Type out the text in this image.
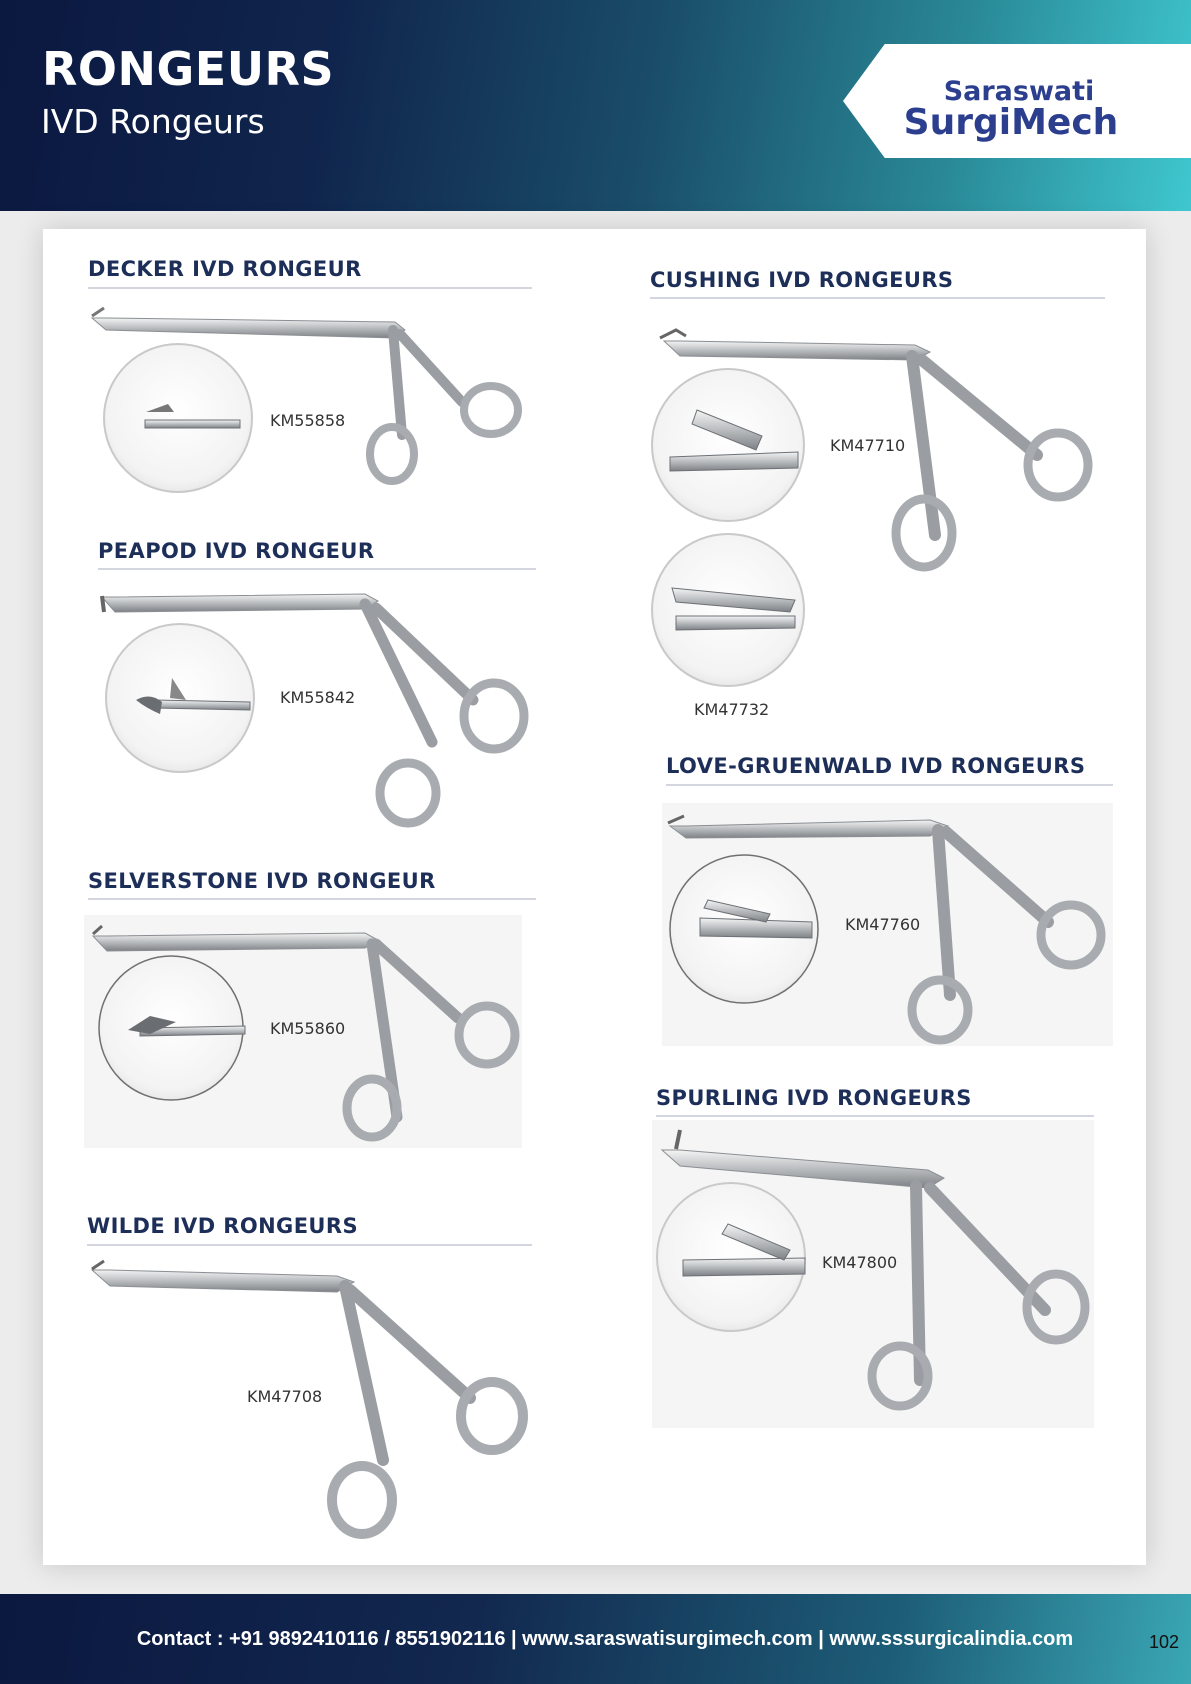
RONGEURS
IVD Rongeurs
Saraswati
SurgiMech
DECKER IVD RONGEUR
PEAPOD IVD RONGEUR
SELVERSTONE IVD RONGEUR
WILDE IVD RONGEURS
CUSHING IVD RONGEURS
LOVE-GRUENWALD IVD RONGEURS
SPURLING IVD RONGEURS
KM55858
KM55842
KM55860
KM47708
KM47710
KM47732
KM47760
KM47800
Contact : +91 9892410116 / 8551902116 | www.saraswatisurgimech.com | www.sssurgicalindia.com	102
